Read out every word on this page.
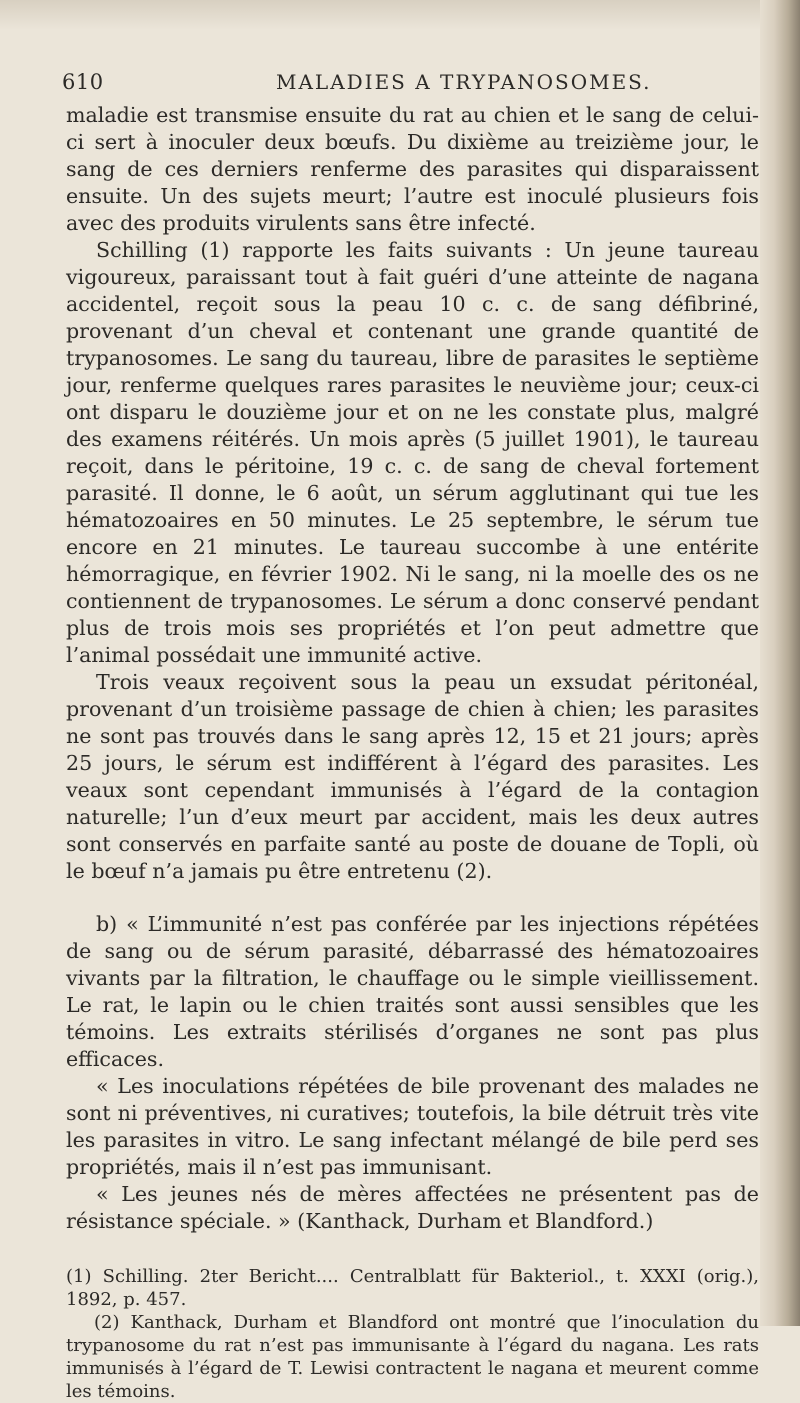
610	MALADIES A TRYPANOSOMES.

maladie est transmise ensuite du rat au chien et le sang de celui-ci sert à inoculer deux bœufs. Du dixième au treizième jour, le sang de ces derniers renferme des parasites qui disparaissent ensuite. Un des sujets meurt; l’autre est inoculé plusieurs fois avec des produits virulents sans être infecté.

Schilling (1) rapporte les faits suivants : Un jeune taureau vigoureux, paraissant tout à fait guéri d’une atteinte de nagana accidentel, reçoit sous la peau 10 c. c. de sang défibriné, provenant d’un cheval et contenant une grande quantité de trypanosomes. Le sang du taureau, libre de parasites le septième jour, renferme quelques rares parasites le neuvième jour; ceux-ci ont disparu le douzième jour et on ne les constate plus, malgré des examens réitérés. Un mois après (5 juillet 1901), le taureau reçoit, dans le péritoine, 19 c. c. de sang de cheval fortement parasité. Il donne, le 6 août, un sérum agglutinant qui tue les hématozoaires en 50 minutes. Le 25 septembre, le sérum tue encore en 21 minutes. Le taureau succombe à une entérite hémorragique, en février 1902. Ni le sang, ni la moelle des os ne contiennent de trypanosomes. Le sérum a donc conservé pendant plus de trois mois ses propriétés et l’on peut admettre que l’animal possédait une immunité active.

Trois veaux reçoivent sous la peau un exsudat péritonéal, provenant d’un troisième passage de chien à chien; les parasites ne sont pas trouvés dans le sang après 12, 15 et 21 jours; après 25 jours, le sérum est indifférent à l’égard des parasites. Les veaux sont cependant immunisés à l’égard de la contagion naturelle; l’un d’eux meurt par accident, mais les deux autres sont conservés en parfaite santé au poste de douane de Topli, où le bœuf n’a jamais pu être entretenu (2).

b) « L’immunité n’est pas conférée par les injections répétées de sang ou de sérum parasité, débarrassé des hématozoaires vivants par la filtration, le chauffage ou le simple vieillissement. Le rat, le lapin ou le chien traités sont aussi sensibles que les témoins. Les extraits stérilisés d’organes ne sont pas plus efficaces.

« Les inoculations répétées de bile provenant des malades ne sont ni préventives, ni curatives; toutefois, la bile détruit très vite les parasites in vitro. Le sang infectant mélangé de bile perd ses propriétés, mais il n’est pas immunisant.

« Les jeunes nés de mères affectées ne présentent pas de résistance spéciale. » (Kanthack, Durham et Blandford.)

(1) Schilling. 2ter Bericht.... Centralblatt für Bakteriol., t. XXXI (orig.), 1892, p. 457.

(2) Kanthack, Durham et Blandford ont montré que l’inoculation du trypanosome du rat n’est pas immunisante à l’égard du nagana. Les rats immunisés à l’égard de T. Lewisi contractent le nagana et meurent comme les témoins.
